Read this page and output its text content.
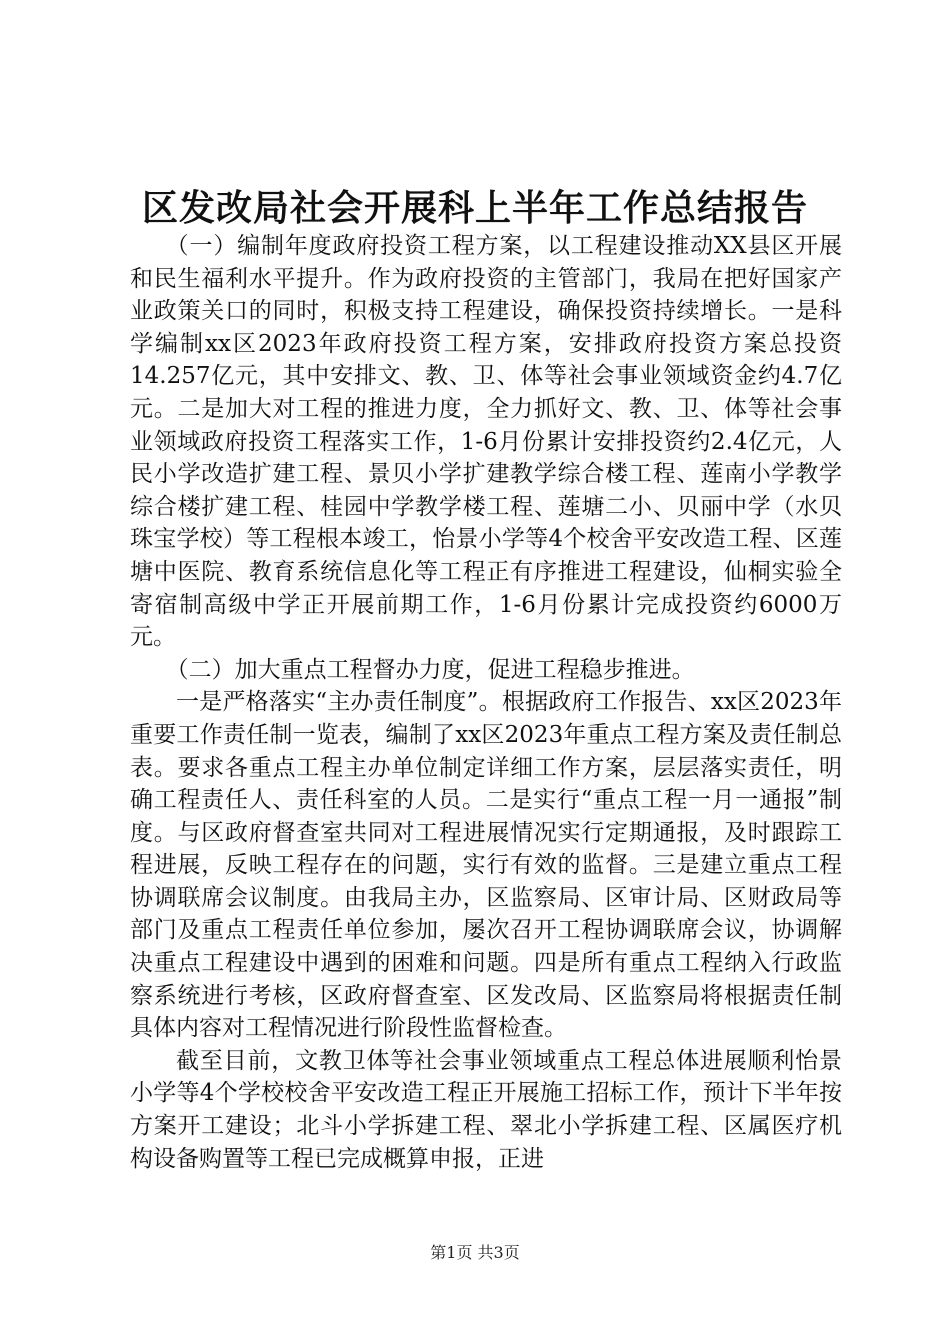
区发改局社会开展科上半年工作总结报告

（一）编制年度政府投资工程方案，以工程建设推动XX县区开展和民生福利水平提升。作为政府投资的主管部门，我局在把好国家产业政策关口的同时，积极支持工程建设，确保投资持续增长。一是科学编制xx区2023年政府投资工程方案，安排政府投资方案总投资14.257亿元，其中安排文、教、卫、体等社会事业领域资金约4.7亿元。二是加大对工程的推进力度，全力抓好文、教、卫、体等社会事业领域政府投资工程落实工作，1-6月份累计安排投资约2.4亿元，人民小学改造扩建工程、景贝小学扩建教学综合楼工程、莲南小学教学综合楼扩建工程、桂园中学教学楼工程、莲塘二小、贝丽中学（水贝珠宝学校）等工程根本竣工，怡景小学等4个校舍平安改造工程、区莲塘中医院、教育系统信息化等工程正有序推进工程建设，仙桐实验全寄宿制高级中学正开展前期工作，1-6月份累计完成投资约6000万元。

（二）加大重点工程督办力度，促进工程稳步推进。

一是严格落实“主办责任制度”。根据政府工作报告、xx区2023年重要工作责任制一览表，编制了xx区2023年重点工程方案及责任制总表。要求各重点工程主办单位制定详细工作方案，层层落实责任，明确工程责任人、责任科室的人员。二是实行“重点工程一月一通报”制度。与区政府督查室共同对工程进展情况实行定期通报，及时跟踪工程进展，反映工程存在的问题，实行有效的监督。三是建立重点工程协调联席会议制度。由我局主办，区监察局、区审计局、区财政局等部门及重点工程责任单位参加，屡次召开工程协调联席会议，协调解决重点工程建设中遇到的困难和问题。四是所有重点工程纳入行政监察系统进行考核，区政府督查室、区发改局、区监察局将根据责任制具体内容对工程情况进行阶段性监督检查。

截至目前，文教卫体等社会事业领域重点工程总体进展顺利怡景小学等4个学校校舍平安改造工程正开展施工招标工作，预计下半年按方案开工建设；北斗小学拆建工程、翠北小学拆建工程、区属医疗机构设备购置等工程已完成概算申报，正进

第1页 共3页
